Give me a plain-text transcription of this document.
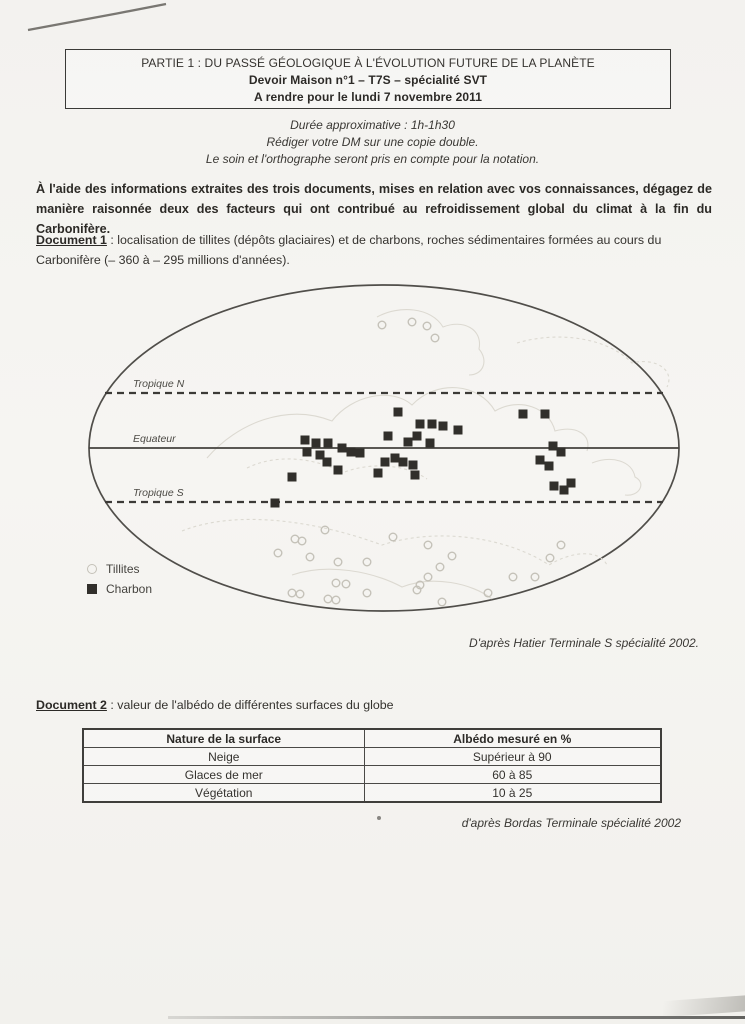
PARTIE 1 : DU PASSÉ GÉOLOGIQUE À L'ÉVOLUTION FUTURE DE LA PLANÈTE
Devoir Maison n°1 – T7S – spécialité SVT
A rendre pour le lundi 7 novembre 2011
Durée approximative : 1h-1h30
Rédiger votre DM sur une copie double.
Le soin et l'orthographe seront pris en compte pour la notation.

À l'aide des informations extraites des trois documents, mises en relation avec vos connaissances, dégagez de manière raisonnée deux des facteurs qui ont contribué au refroidissement global du climat à la fin du Carbonifère.

Document 1 : localisation de tillites (dépôts glaciaires) et de charbons, roches sédimentaires formées au cours du Carbonifère (– 360 à – 295 millions d'années).

Tropique N
Equateur
Tropique S
Tillites
Charbon
D'après Hatier Terminale S spécialité 2002.

Document 2 : valeur de l'albédo de différentes surfaces du globe

Nature de la surface	Albédo mesuré en %
Neige	Supérieur à 90
Glaces de mer	60 à 85
Végétation	10 à 25
d'après Bordas Terminale spécialité 2002
